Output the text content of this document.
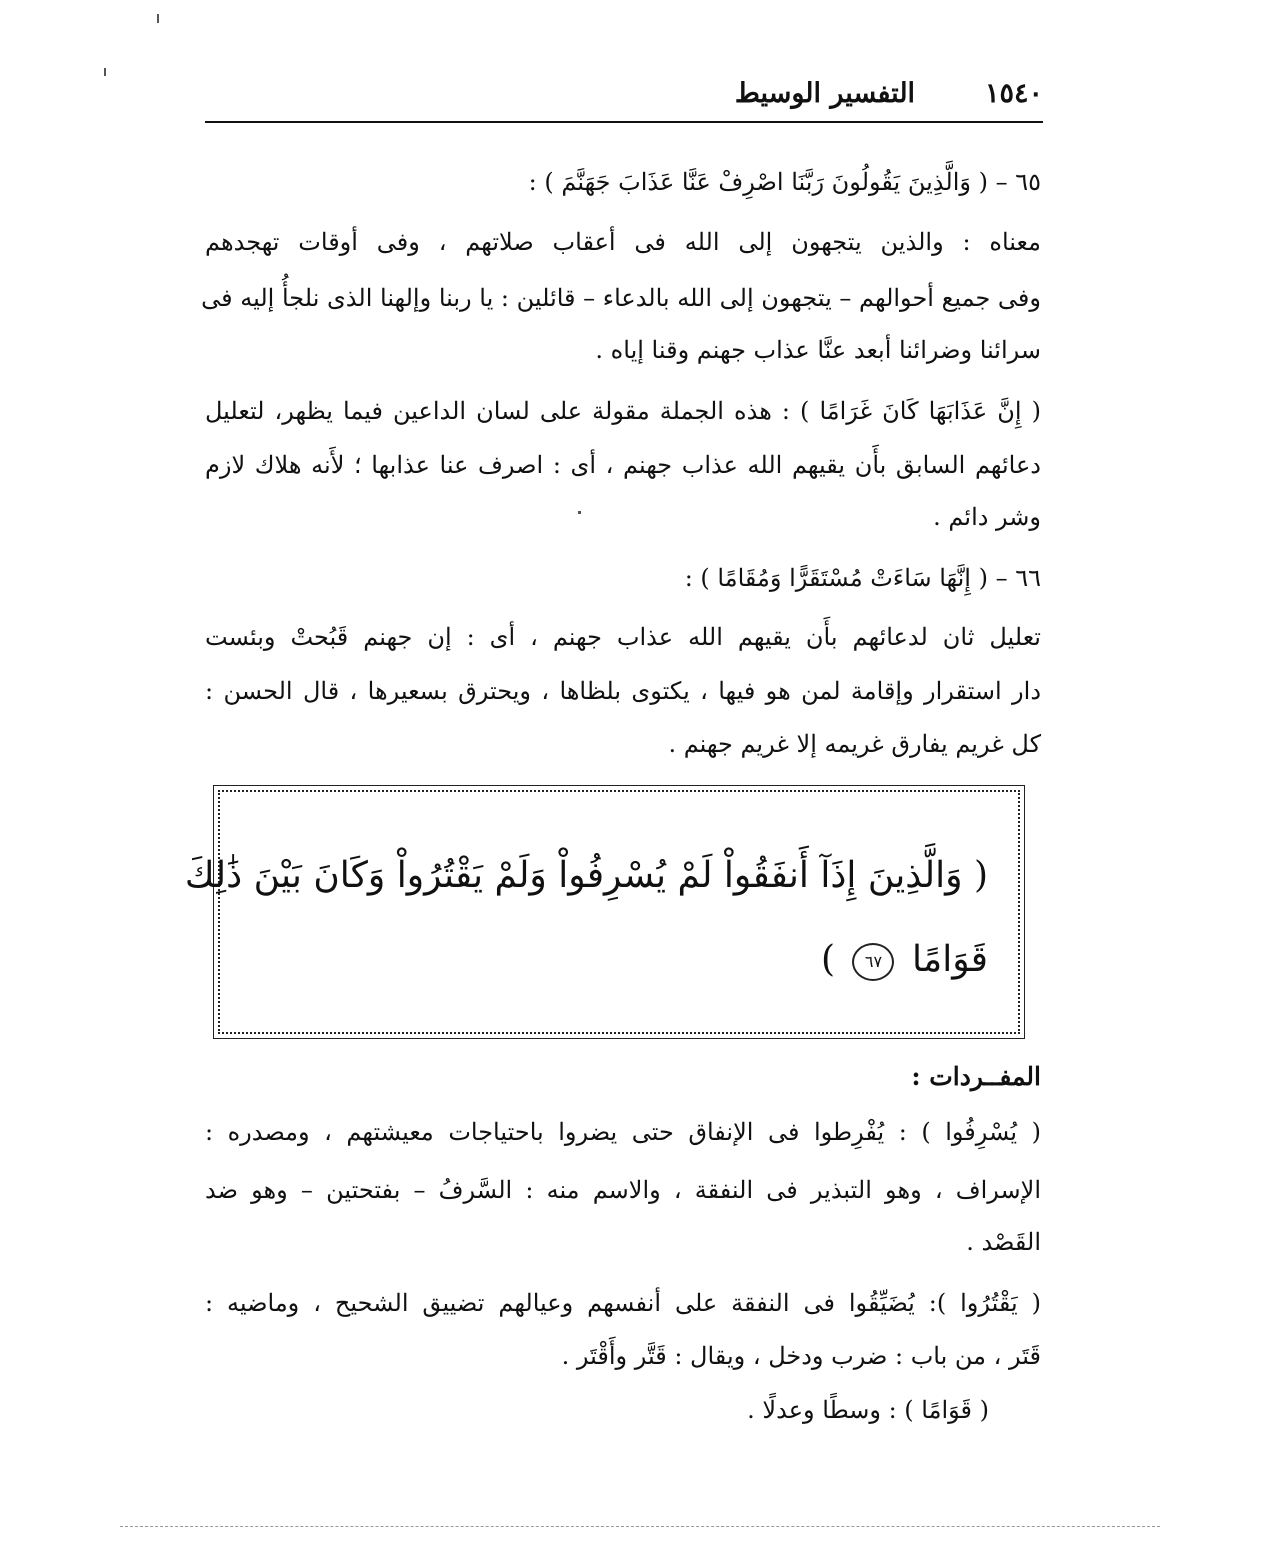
التفسير الوسيط	١٥٤٠
٦٥ – ( وَالَّذِينَ يَقُولُونَ رَبَّنَا اصْرِفْ عَنَّا عَذَابَ جَهَنَّمَ ) :
معناه : والذين يتجهون إلى الله فى أعقاب صلاتهم ، وفى أوقات تهجدهم
وفى جميع أحوالهم – يتجهون إلى الله بالدعاء – قائلين : يا ربنا وإلهنا الذى نلجأُ إليه فى
سرائنا وضرائنا أبعد عنَّا عذاب جهنم وقنا إياه .
( إِنَّ عَذَابَهَا كَانَ غَرَامًا ) : هذه الجملة مقولة على لسان الداعين فيما يظهر، لتعليل
دعائهم السابق بأَن يقيهم الله عذاب جهنم ، أى : اصرف عنا عذابها ؛ لأَنه هلاك لازم
وشر دائم .
٦٦ – ( إِنَّهَا سَاءَتْ مُسْتَقَرًّا وَمُقَامًا ) :
تعليل ثان لدعائهم بأَن يقيهم الله عذاب جهنم ، أى : إن جهنم قَبُحتْ وبئست
دار استقرار وإقامة لمن هو فيها ، يكتوى بلظاها ، ويحترق بسعيرها ، قال الحسن :
كل غريم يفارق غريمه إلا غريم جهنم .
( وَالَّذِينَ إِذَآ أَنفَقُواْ لَمْ يُسْرِفُواْ وَلَمْ يَقْتُرُواْ وَكَانَ بَيْنَ ذَٰلِكَ
قَوَامًا ٦٧ )
المفــردات :
( يُسْرِفُوا ) : يُفْرِطوا فى الإنفاق حتى يضروا باحتياجات معيشتهم ، ومصدره :
الإسراف ، وهو التبذير فى النفقة ، والاسم منه : السَّرفُ – بفتحتين – وهو ضد
القَصْد .
( يَقْتُرُوا ): يُضَيِّقُوا فى النفقة على أنفسهم وعيالهم تضييق الشحيح ، وماضيه :
قَتَر ، من باب : ضرب ودخل ، ويقال : قَتَّر وأَقْتَر .
( قَوَامًا ) : وسطًا وعدلًا .
